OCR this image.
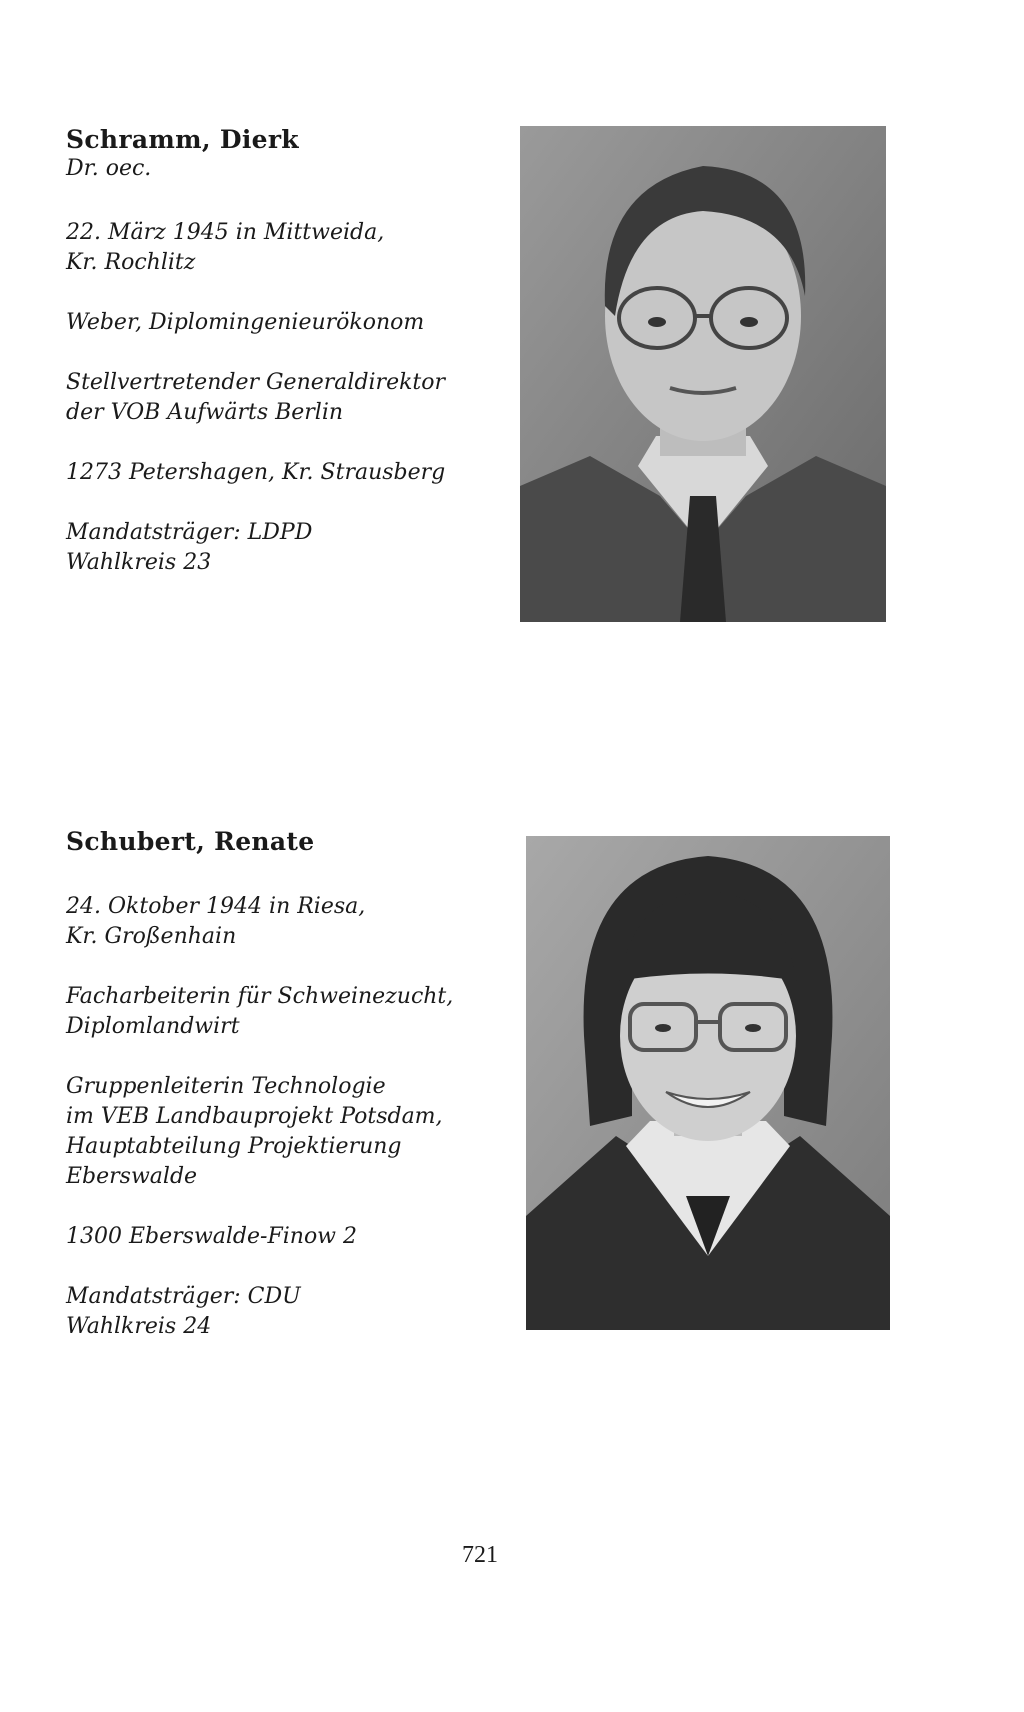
Schramm, Dierk

Dr. oec.

22. März 1945 in Mittweida,

Kr. Rochlitz

Weber, Diplomingenieurökonom

Stellvertretender Generaldirektor

der VOB Aufwärts Berlin

1273 Petershagen, Kr. Strausberg

Mandatsträger: LDPD

Wahlkreis 23

Schubert, Renate

24. Oktober 1944 in Riesa,

Kr. Großenhain

Facharbeiterin für Schweinezucht,

Diplomlandwirt

Gruppenleiterin Technologie

im VEB Landbauprojekt Potsdam,

Hauptabteilung Projektierung

Eberswalde

1300 Eberswalde-Finow 2

Mandatsträger: CDU

Wahlkreis 24

721
